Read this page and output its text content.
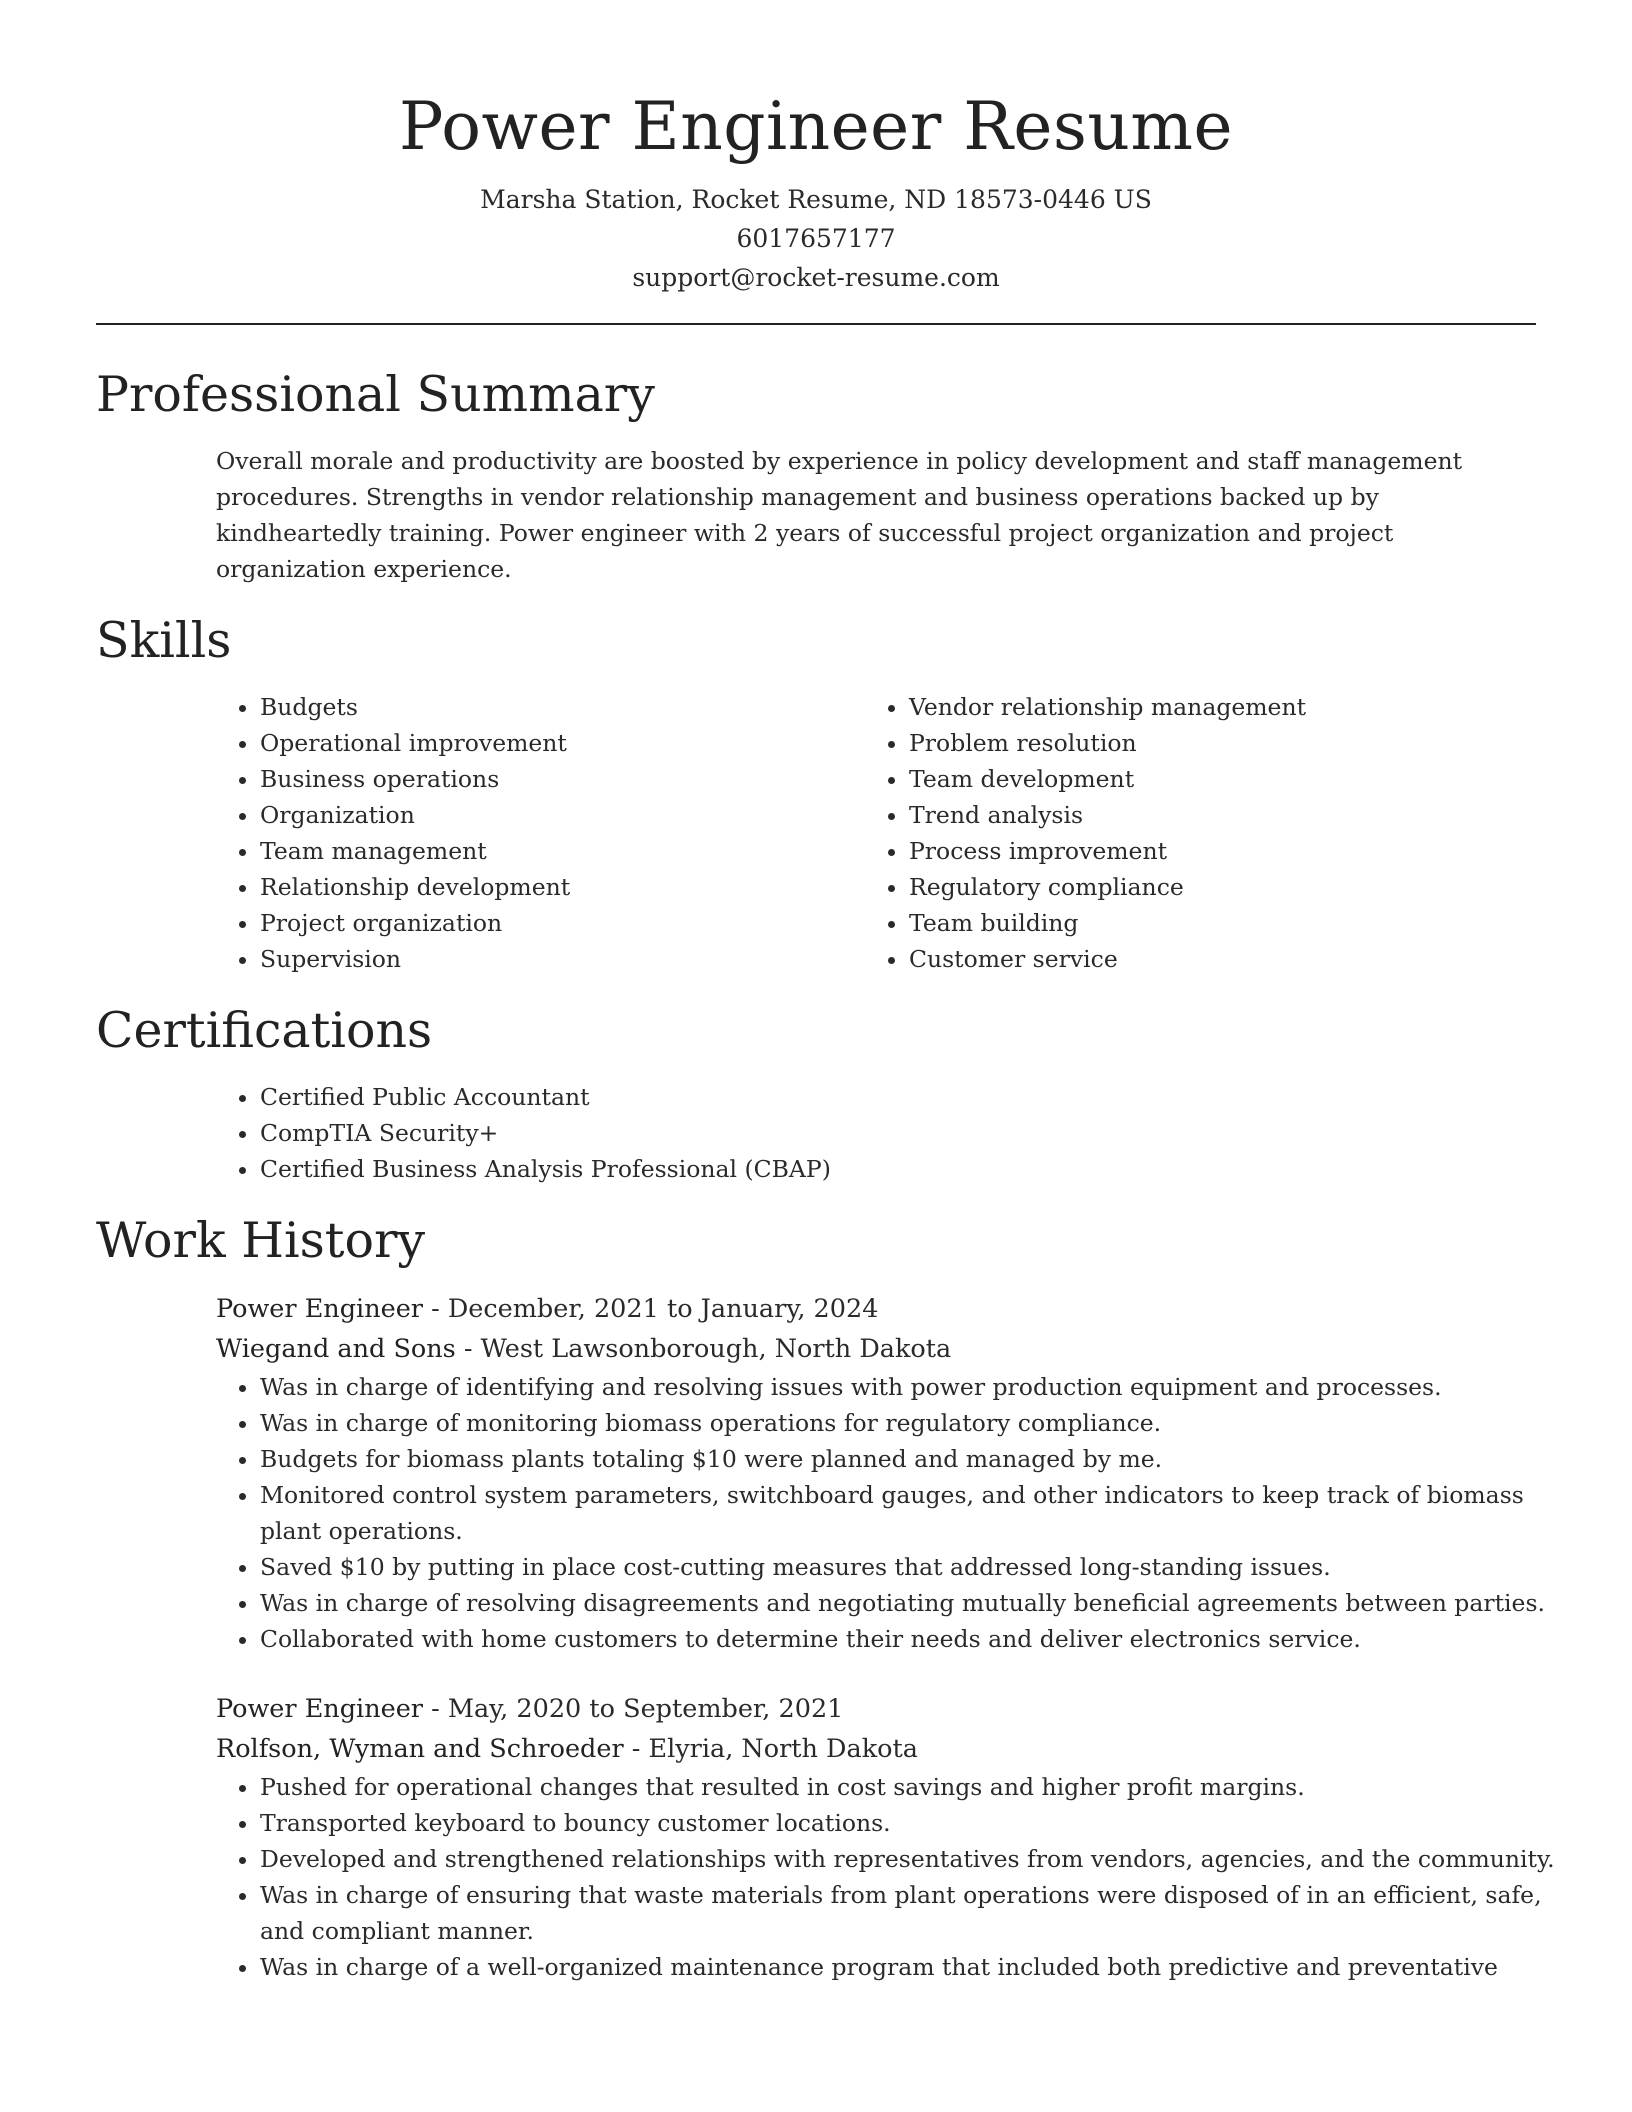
Power Engineer Resume
Marsha Station, Rocket Resume, ND 18573-0446 US
6017657177
support@rocket-resume.com
Professional Summary

Overall morale and productivity are boosted by experience in policy development and staff management procedures. Strengths in vendor relationship management and business operations backed up by kindheartedly training. Power engineer with 2 years of successful project organization and project organization experience.

Skills
• Budgets
• Operational improvement
• Business operations
• Organization
• Team management
• Relationship development
• Project organization
• Supervision
• Vendor relationship management
• Problem resolution
• Team development
• Trend analysis
• Process improvement
• Regulatory compliance
• Team building
• Customer service
Certifications
• Certified Public Accountant
• CompTIA Security+
• Certified Business Analysis Professional (CBAP)
Work History
Power Engineer - December, 2021 to January, 2024
Wiegand and Sons - West Lawsonborough, North Dakota
• Was in charge of identifying and resolving issues with power production equipment and processes.
• Was in charge of monitoring biomass operations for regulatory compliance.
• Budgets for biomass plants totaling $10 were planned and managed by me.
• Monitored control system parameters, switchboard gauges, and other indicators to keep track of biomass plant operations.
• Saved $10 by putting in place cost-cutting measures that addressed long-standing issues.
• Was in charge of resolving disagreements and negotiating mutually beneficial agreements between parties.
• Collaborated with home customers to determine their needs and deliver electronics service.
Power Engineer - May, 2020 to September, 2021
Rolfson, Wyman and Schroeder - Elyria, North Dakota
• Pushed for operational changes that resulted in cost savings and higher profit margins.
• Transported keyboard to bouncy customer locations.
• Developed and strengthened relationships with representatives from vendors, agencies, and the community.
• Was in charge of ensuring that waste materials from plant operations were disposed of in an efficient, safe, and compliant manner.
• Was in charge of a well-organized maintenance program that included both predictive and preventative
